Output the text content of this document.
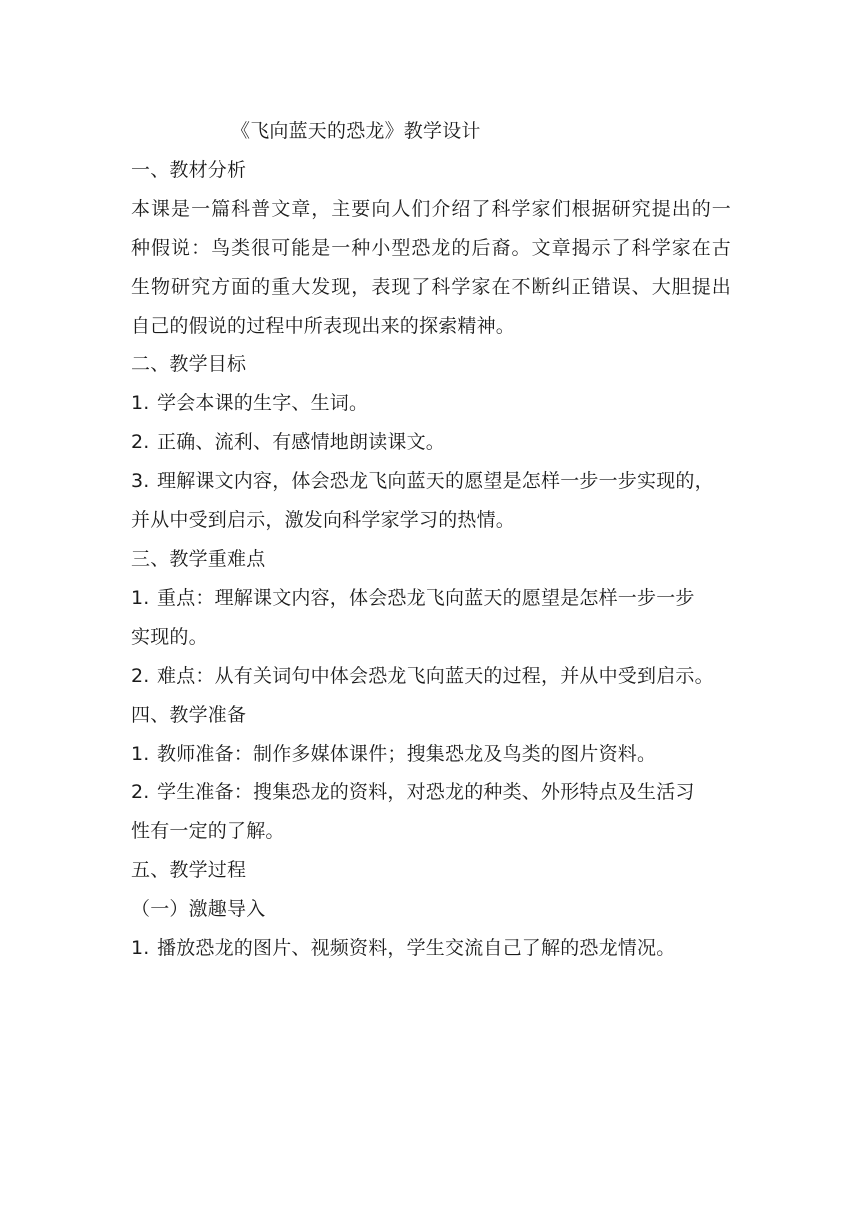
《飞向蓝天的恐龙》教学设计
一、教材分析
本课是一篇科普文章，主要向人们介绍了科学家们根据研究提出的一
种假说：鸟类很可能是一种小型恐龙的后裔。文章揭示了科学家在古
生物研究方面的重大发现，表现了科学家在不断纠正错误、大胆提出
自己的假说的过程中所表现出来的探索精神。
二、教学目标
1. 学会本课的生字、生词。
2. 正确、流利、有感情地朗读课文。
3. 理解课文内容，体会恐龙飞向蓝天的愿望是怎样一步一步实现的，
并从中受到启示，激发向科学家学习的热情。
三、教学重难点
1. 重点：理解课文内容，体会恐龙飞向蓝天的愿望是怎样一步一步
实现的。
2. 难点：从有关词句中体会恐龙飞向蓝天的过程，并从中受到启示。
四、教学准备
1. 教师准备：制作多媒体课件；搜集恐龙及鸟类的图片资料。
2. 学生准备：搜集恐龙的资料，对恐龙的种类、外形特点及生活习
性有一定的了解。
五、教学过程
（一）激趣导入
1. 播放恐龙的图片、视频资料，学生交流自己了解的恐龙情况。
